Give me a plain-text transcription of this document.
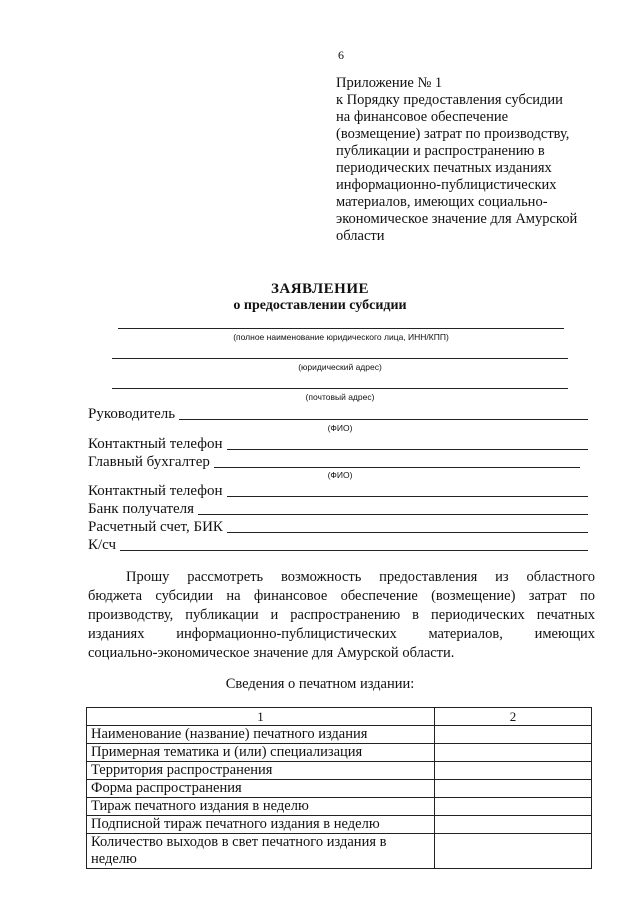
6
Приложение № 1
к Порядку предоставления субсидии
на финансовое обеспечение
(возмещение) затрат по производству,
публикации и распространению в
периодических печатных изданиях
информационно-публицистических
материалов, имеющих социально-
экономическое значение для Амурской
области
ЗАЯВЛЕНИЕ
о предоставлении субсидии
(полное наименование юридического лица, ИНН/КПП)
(юридический адрес)
(почтовый адрес)
Руководитель
(ФИО)
Контактный телефон
Главный бухгалтер
(ФИО)
Контактный телефон
Банк получателя
Расчетный счет, БИК
К/сч
Прошу рассмотреть возможность предоставления из областного
бюджета субсидии на финансовое обеспечение (возмещение) затрат по
производству, публикации и распространению в периодических печатных
изданиях информационно-публицистических материалов, имеющих
социально-экономическое значение для Амурской области.
Сведения о печатном издании:
1	2
Наименование (название) печатного издания	
Примерная тематика и (или) специализация	
Территория распространения	
Форма распространения	
Тираж печатного издания в неделю	
Подписной тираж печатного издания в неделю	

Количество выходов в свет печатного издания в
неделю	
